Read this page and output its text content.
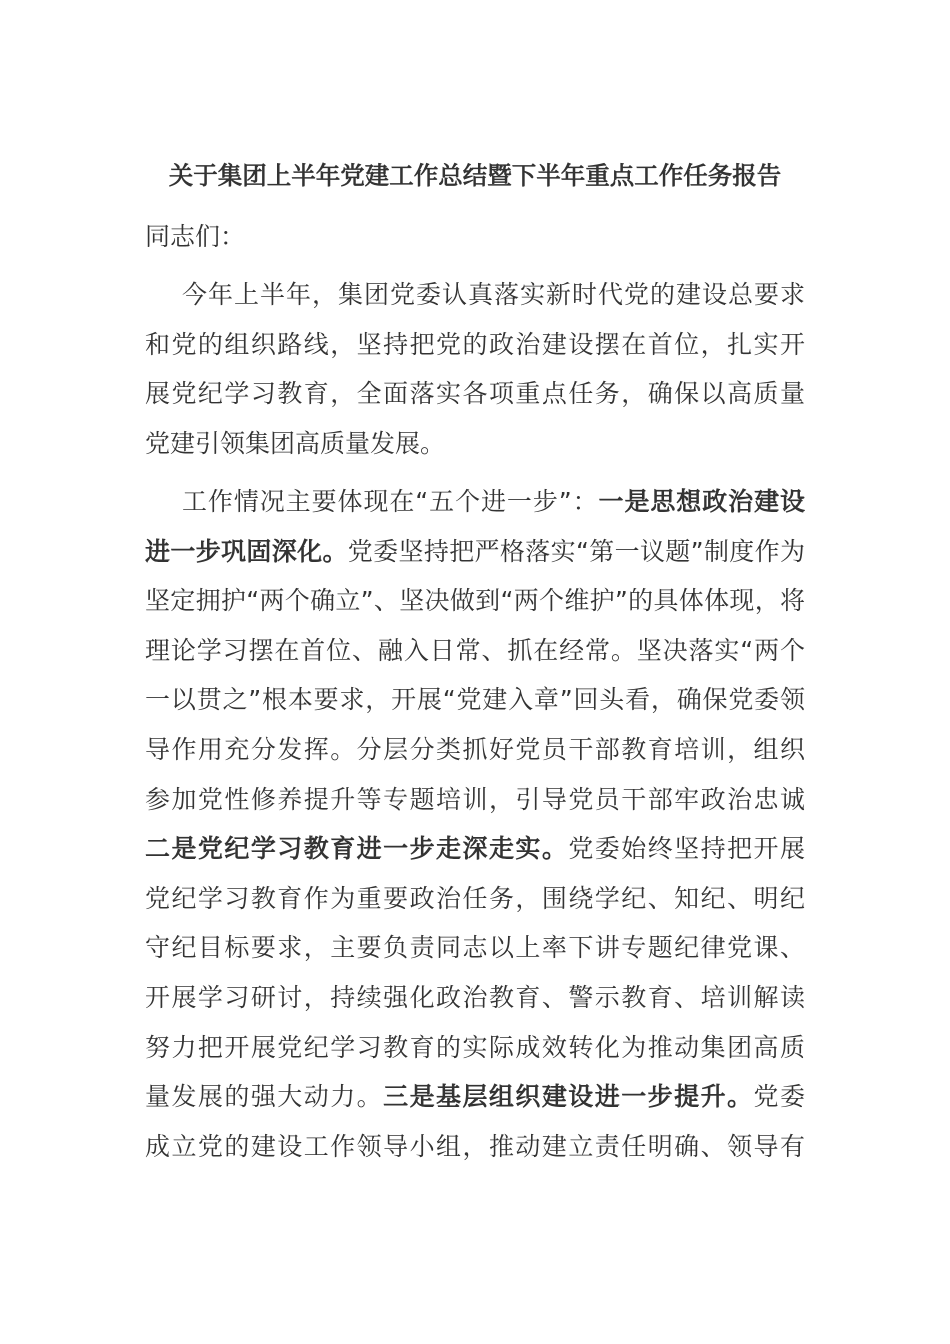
关于集团上半年党建工作总结暨下半年重点工作任务报告
同志们：
今年上半年，集团党委认真落实新时代党的建设总要求
和党的组织路线，坚持把党的政治建设摆在首位，扎实开
展党纪学习教育，全面落实各项重点任务，确保以高质量
党建引领集团高质量发展。
工作情况主要体现在“五个进一步”：一是思想政治建设
进一步巩固深化。党委坚持把严格落实“第一议题”制度作为
坚定拥护“两个确立”、坚决做到“两个维护”的具体体现，将
理论学习摆在首位、融入日常、抓在经常。坚决落实“两个
一以贯之”根本要求，开展“党建入章”回头看，确保党委领
导作用充分发挥。分层分类抓好党员干部教育培训，组织
参加党性修养提升等专题培训，引导党员干部牢政治忠诚
二是党纪学习教育进一步走深走实。党委始终坚持把开展
党纪学习教育作为重要政治任务，围绕学纪、知纪、明纪
守纪目标要求，主要负责同志以上率下讲专题纪律党课、
开展学习研讨，持续强化政治教育、警示教育、培训解读
努力把开展党纪学习教育的实际成效转化为推动集团高质
量发展的强大动力。三是基层组织建设进一步提升。党委
成立党的建设工作领导小组，推动建立责任明确、领导有
